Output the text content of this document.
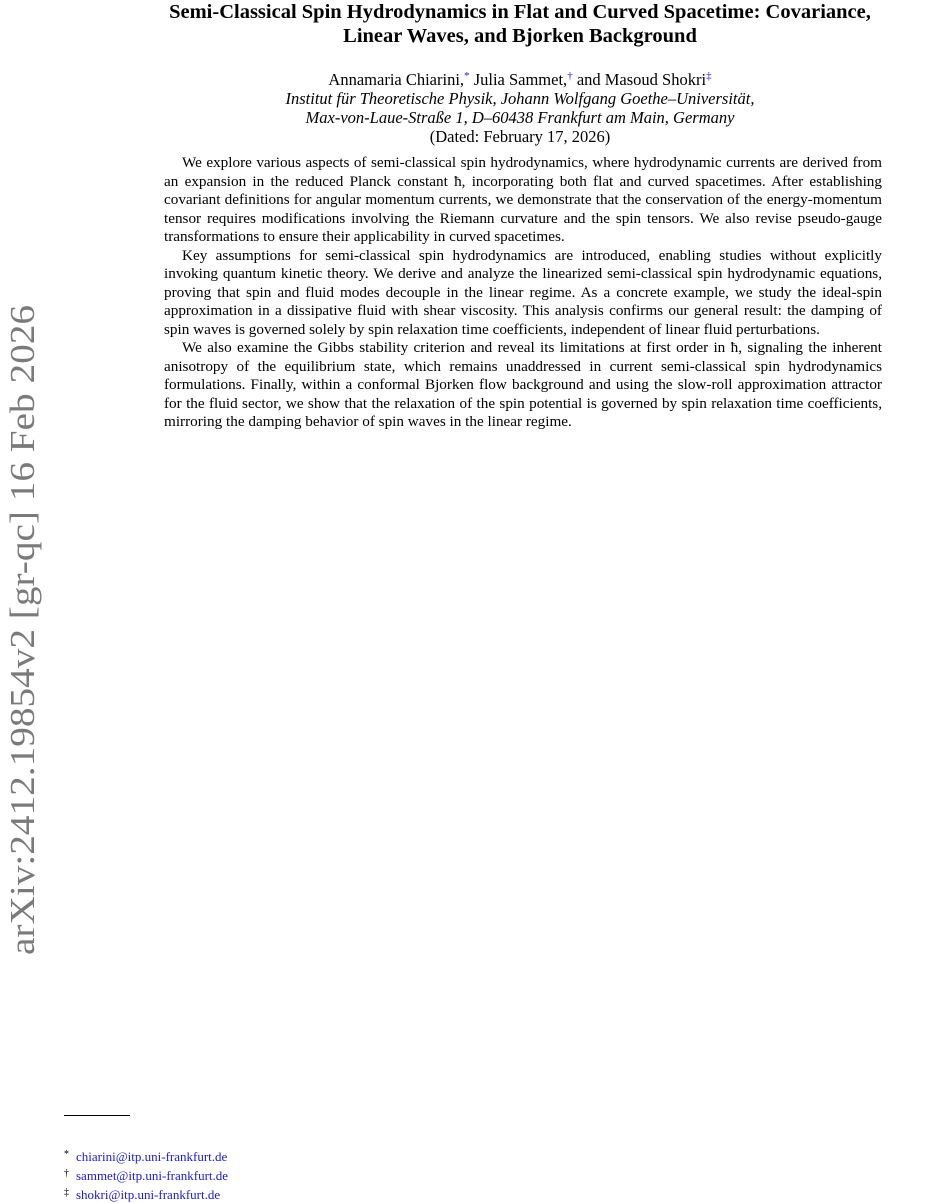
arXiv:2412.19854v2 [gr-qc] 16 Feb 2026
Semi-Classical Spin Hydrodynamics in Flat and Curved Spacetime: Covariance,
Linear Waves, and Bjorken Background
Annamaria Chiarini,* Julia Sammet,† and Masoud Shokri‡
Institut für Theoretische Physik, Johann Wolfgang Goethe–Universität,
Max-von-Laue-Straße 1, D–60438 Frankfurt am Main, Germany
(Dated: February 17, 2026)

We explore various aspects of semi-classical spin hydrodynamics, where hydrodynamic currents are derived from an expansion in the reduced Planck constant ħ, incorporating both flat and curved spacetimes. After establishing covariant definitions for angular momentum currents, we demonstrate that the conservation of the energy-momentum tensor requires modifications involving the Riemann curvature and the spin tensors. We also revise pseudo-gauge transformations to ensure their applicability in curved spacetimes.

Key assumptions for semi-classical spin hydrodynamics are introduced, enabling studies without explicitly invoking quantum kinetic theory. We derive and analyze the linearized semi-classical spin hydrodynamic equations, proving that spin and fluid modes decouple in the linear regime. As a concrete example, we study the ideal-spin approximation in a dissipative fluid with shear viscosity. This analysis confirms our general result: the damping of spin waves is governed solely by spin relaxation time coefficients, independent of linear fluid perturbations.

We also examine the Gibbs stability criterion and reveal its limitations at first order in ħ, signaling the inherent anisotropy of the equilibrium state, which remains unaddressed in current semi-classical spin hydrodynamics formulations. Finally, within a conformal Bjorken flow background and using the slow-roll approximation attractor for the fluid sector, we show that the relaxation of the spin potential is governed by spin relaxation time coefficients, mirroring the damping behavior of spin waves in the linear regime.

* chiarini@itp.uni-frankfurt.de
† sammet@itp.uni-frankfurt.de
‡ shokri@itp.uni-frankfurt.de
